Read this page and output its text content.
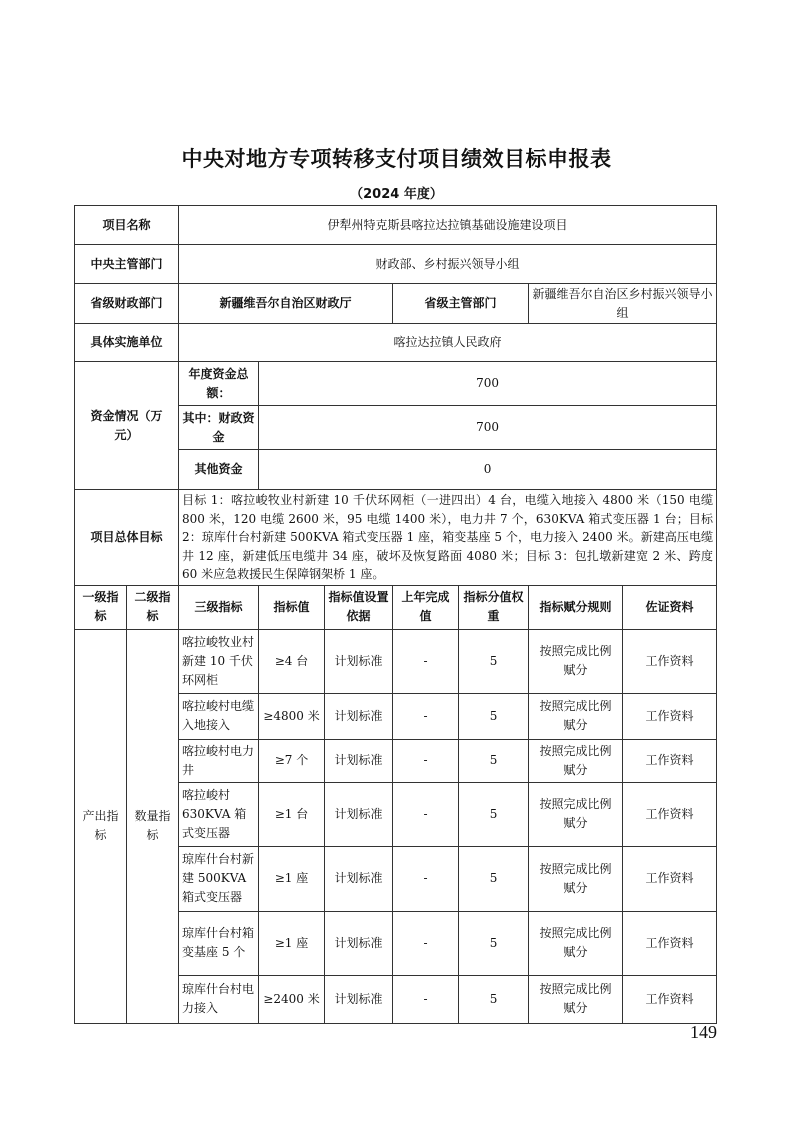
中央对地方专项转移支付项目绩效目标申报表
（2024 年度）
项目名称		伊犁州特克斯县喀拉达拉镇基础设施建设项目						
中央主管部门		财政部、乡村振兴领导小组						
省级财政部门		新疆维吾尔自治区财政厅			省级主管部门		新疆维吾尔自治区乡村振兴领导小组	
具体实施单位		喀拉达拉镇人民政府						
资金情况（万元）		年度资金总额：	700					
		其中：财政资金	700					
		其他资金	0					
项目总体目标		目标 1：喀拉峻牧业村新建 10 千伏环网柜（一进四出）4 台，电缆入地接入 4800 米（150 电缆 800 米，120 电缆 2600 米，95 电缆 1400 米），电力井 7 个，630KVA 箱式变压器 1 台；目标 2：琼库什台村新建 500KVA 箱式变压器 1 座，箱变基座 5 个，电力接入 2400 米。新建高压电缆井 12 座，新建低压电缆井 34 座，破坏及恢复路面 4080 米；目标 3：包扎墩新建宽 2 米、跨度 60 米应急救援民生保障钢架桥 1 座。						
一级指标	二级指标	三级指标	指标值	指标值设置依据	上年完成值	指标分值权重	指标赋分规则	佐证资料
产出指标	数量指标	喀拉峻牧业村新建 10 千伏环网柜	≥4 台	计划标准	-	5	按照完成比例赋分	工作资料
		喀拉峻村电缆入地接入	≥4800 米	计划标准	-	5	按照完成比例赋分	工作资料
		喀拉峻村电力井	≥7 个	计划标准	-	5	按照完成比例赋分	工作资料
		喀拉峻村 630KVA 箱式变压器	≥1 台	计划标准	-	5	按照完成比例赋分	工作资料
		琼库什台村新建 500KVA 箱式变压器	≥1 座	计划标准	-	5	按照完成比例赋分	工作资料
		琼库什台村箱变基座 5 个	≥1 座	计划标准	-	5	按照完成比例赋分	工作资料
		琼库什台村电力接入	≥2400 米	计划标准	-	5	按照完成比例赋分	工作资料
149
